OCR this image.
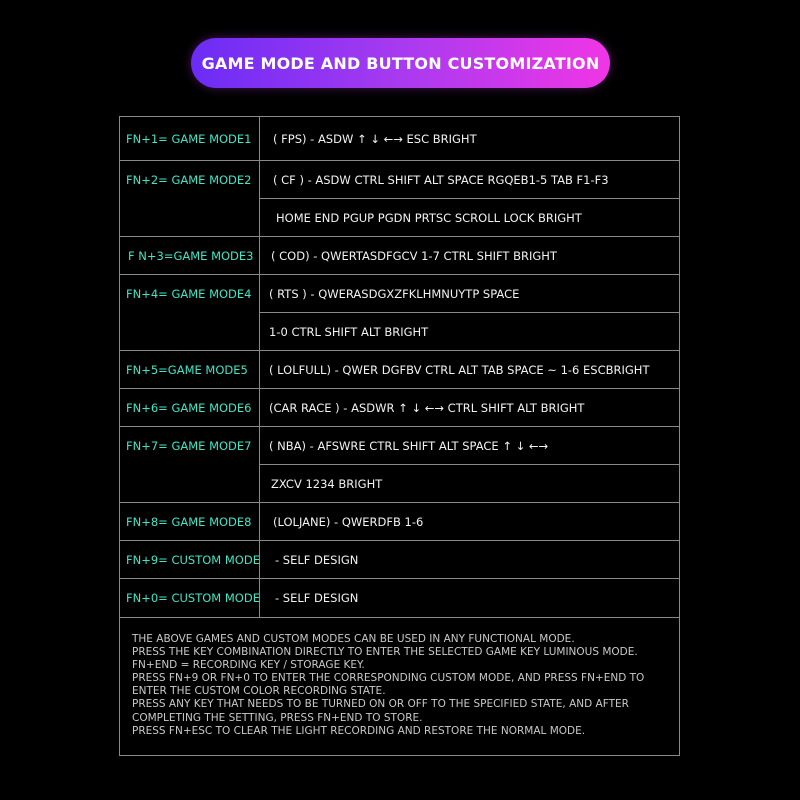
GAME MODE AND BUTTON CUSTOMIZATION
FN+1= GAME MODE1	( FPS) - ASDW ↑ ↓ ←→ ESC BRIGHT
FN+2= GAME MODE2	( CF ) - ASDW CTRL SHIFT ALT SPACE RGQEB1-5 TAB F1-F3
HOME END PGUP PGDN PRTSC SCROLL LOCK BRIGHT
F N+3=GAME MODE3	( COD) - QWERTASDFGCV 1-7 CTRL SHIFT BRIGHT
FN+4= GAME MODE4	( RTS ) - QWERASDGXZFKLHMNUYTP SPACE
1-0 CTRL SHIFT ALT BRIGHT
FN+5=GAME MODE5	( LOLFULL) - QWER DGFBV CTRL ALT TAB SPACE ~ 1-6 ESCBRIGHT
FN+6= GAME MODE6	(CAR RACE ) - ASDWR ↑ ↓ ←→ CTRL SHIFT ALT BRIGHT
FN+7= GAME MODE7	( NBA) - AFSWRE CTRL SHIFT ALT SPACE ↑ ↓ ←→
ZXCV 1234 BRIGHT
FN+8= GAME MODE8	(LOLJANE) - QWERDFB 1-6
FN+9= CUSTOM MODE	- SELF DESIGN
FN+0= CUSTOM MODE	- SELF DESIGN
THE ABOVE GAMES AND CUSTOM MODES CAN BE USED IN ANY FUNCTIONAL MODE.
PRESS THE KEY COMBINATION DIRECTLY TO ENTER THE SELECTED GAME KEY LUMINOUS MODE.
FN+END = RECORDING KEY / STORAGE KEY.
PRESS FN+9 OR FN+0 TO ENTER THE CORRESPONDING CUSTOM MODE, AND PRESS FN+END TO
ENTER THE CUSTOM COLOR RECORDING STATE.
PRESS ANY KEY THAT NEEDS TO BE TURNED ON OR OFF TO THE SPECIFIED STATE, AND AFTER
COMPLETING THE SETTING, PRESS FN+END TO STORE.
PRESS FN+ESC TO CLEAR THE LIGHT RECORDING AND RESTORE THE NORMAL MODE.
